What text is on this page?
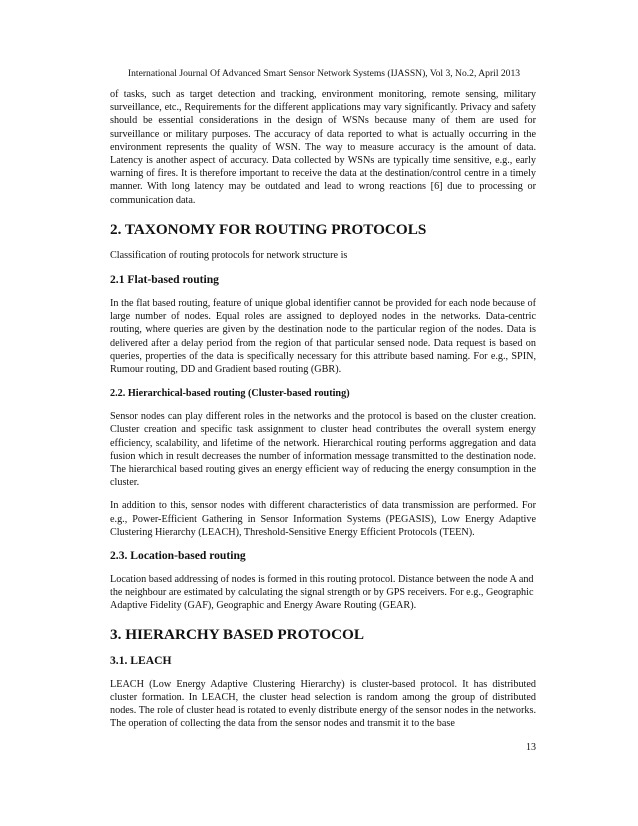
International Journal Of Advanced Smart Sensor Network Systems (IJASSN), Vol 3, No.2, April 2013

of tasks, such as target detection and tracking, environment monitoring, remote sensing, military surveillance, etc., Requirements for the different applications may vary significantly. Privacy and safety should be essential considerations in the design of WSNs because many of them are used for surveillance or military purposes. The accuracy of data reported to what is actually occurring in the environment represents the quality of WSN. The way to measure accuracy is the amount of data. Latency is another aspect of accuracy. Data collected by WSNs are typically time sensitive, e.g., early warning of fires. It is therefore important to receive the data at the destination/control centre in a timely manner. With long latency may be outdated and lead to wrong reactions [6] due to processing or communication data.

2. TAXONOMY FOR ROUTING PROTOCOLS

Classification of routing protocols for network structure is

2.1 Flat-based routing

In the flat based routing, feature of unique global identifier cannot be provided for each node because of large number of nodes. Equal roles are assigned to deployed nodes in the networks. Data-centric routing, where queries are given by the destination node to the particular region of the nodes. Data is delivered after a delay period from the region of that particular sensed node. Data request is based on queries, properties of the data is specifically necessary for this attribute based naming. For e.g., SPIN, Rumour routing, DD and Gradient based routing (GBR).

2.2. Hierarchical-based routing (Cluster-based routing)

Sensor nodes can play different roles in the networks and the protocol is based on the cluster creation. Cluster creation and specific task assignment to cluster head contributes the overall system energy efficiency, scalability, and lifetime of the network. Hierarchical routing performs aggregation and data fusion which in result decreases the number of information message transmitted to the destination node. The hierarchical based routing gives an energy efficient way of reducing the energy consumption in the cluster.

In addition to this, sensor nodes with different characteristics of data transmission are performed. For e.g., Power-Efficient Gathering in Sensor Information Systems (PEGASIS), Low Energy Adaptive Clustering Hierarchy (LEACH), Threshold-Sensitive Energy Efficient Protocols (TEEN).

2.3. Location-based routing

Location based addressing of nodes is formed in this routing protocol. Distance between the node A and the neighbour are estimated by calculating the signal strength or by GPS receivers. For e.g., Geographic Adaptive Fidelity (GAF), Geographic and Energy Aware Routing (GEAR).

3. HIERARCHY BASED PROTOCOL
3.1. LEACH

LEACH (Low Energy Adaptive Clustering Hierarchy) is cluster-based protocol. It has distributed cluster formation. In LEACH, the cluster head selection is random among the group of distributed nodes. The role of cluster head is rotated to evenly distribute energy of the sensor nodes in the networks. The operation of collecting the data from the sensor nodes and transmit it to the base

13
